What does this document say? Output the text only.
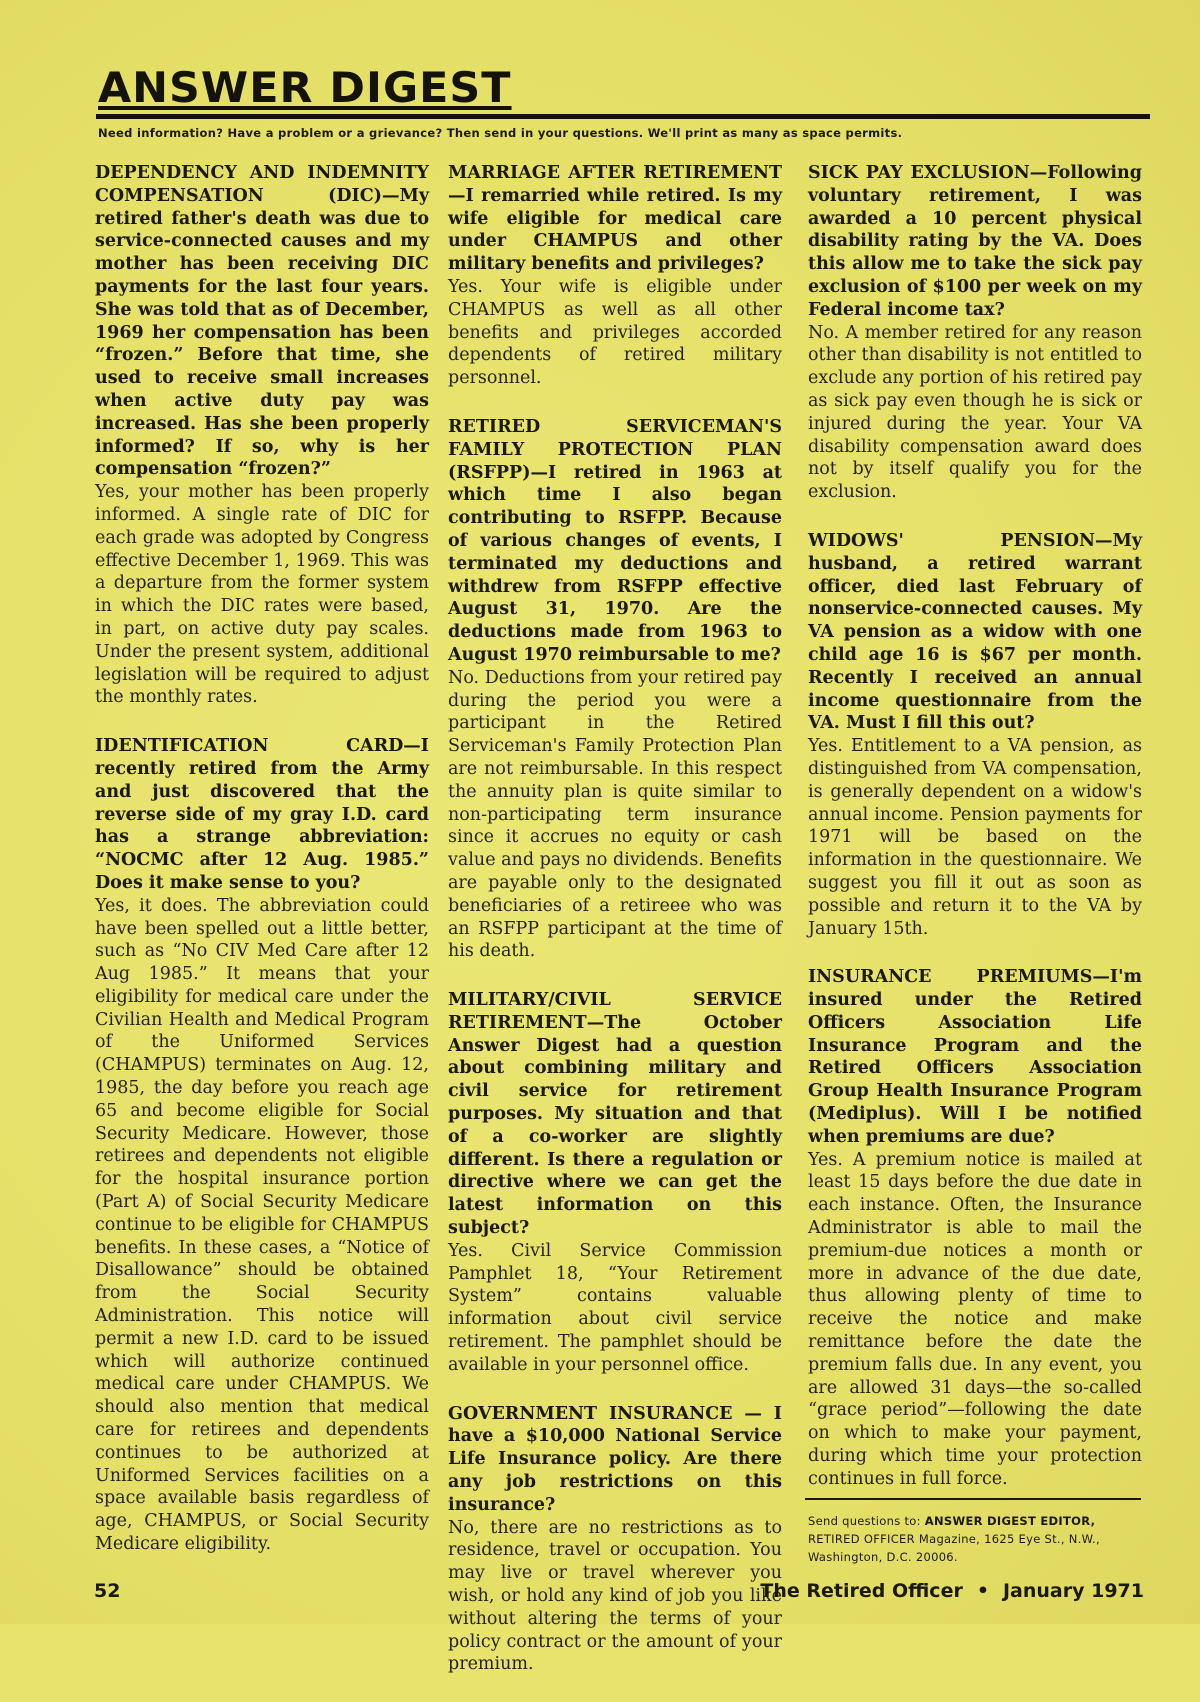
ANSWER DIGEST
Need information? Have a problem or a grievance? Then send in your questions. We'll print as many as space permits.

DEPENDENCY AND INDEMNITY COMPENSATION (DIC)—My retired father's death was due to service-connected causes and my mother has been receiving DIC payments for the last four years. She was told that as of December, 1969 her compensation has been “frozen.” Before that time, she used to receive small increases when active duty pay was increased. Has she been properly informed? If so, why is her compensation “frozen?”

Yes, your mother has been properly informed. A single rate of DIC for each grade was adopted by Congress effective December 1, 1969. This was a departure from the former system in which the DIC rates were based, in part, on active duty pay scales. Under the present system, additional legislation will be required to adjust the monthly rates.

IDENTIFICATION CARD—I recently retired from the Army and just discovered that the reverse side of my gray I.D. card has a strange abbreviation: “NOCMC after 12 Aug. 1985.” Does it make sense to you?

Yes, it does. The abbreviation could have been spelled out a little better, such as “No CIV Med Care after 12 Aug 1985.” It means that your eligibility for medical care under the Civilian Health and Medical Program of the Uniformed Services (CHAMPUS) terminates on Aug. 12, 1985, the day before you reach age 65 and become eligible for Social Security Medicare. However, those retirees and dependents not eligible for the hospital insurance portion (Part A) of Social Security Medicare continue to be eligible for CHAMPUS benefits. In these cases, a “Notice of Disallowance” should be obtained from the Social Security Administration. This notice will permit a new I.D. card to be issued which will authorize continued medical care under CHAMPUS. We should also mention that medical care for retirees and dependents continues to be authorized at Uniformed Services facilities on a space available basis regardless of age, CHAMPUS, or Social Security Medicare eligibility.

MARRIAGE AFTER RETIREMENT—I remarried while retired. Is my wife eligible for medical care under CHAMPUS and other military benefits and privileges?

Yes. Your wife is eligible under CHAMPUS as well as all other benefits and privileges accorded dependents of retired military personnel.

RETIRED SERVICEMAN'S FAMILY PROTECTION PLAN (RSFPP)—I retired in 1963 at which time I also began contributing to RSFPP. Because of various changes of events, I terminated my deductions and withdrew from RSFPP effective August 31, 1970. Are the deductions made from 1963 to August 1970 reimbursable to me?

No. Deductions from your retired pay during the period you were a participant in the Retired Serviceman's Family Protection Plan are not reimbursable. In this respect the annuity plan is quite similar to non-participating term insurance since it accrues no equity or cash value and pays no dividends. Benefits are payable only to the designated beneficiaries of a retireee who was an RSFPP participant at the time of his death.

MILITARY/CIVIL SERVICE RETIREMENT—The October Answer Digest had a question about combining military and civil service for retirement purposes. My situation and that of a co-worker are slightly different. Is there a regulation or directive where we can get the latest information on this subject?

Yes. Civil Service Commission Pamphlet 18, “Your Retirement System” contains valuable information about civil service retirement. The pamphlet should be available in your personnel office.

GOVERNMENT INSURANCE — I have a $10,000 National Service Life Insurance policy. Are there any job restrictions on this insurance?

No, there are no restrictions as to residence, travel or occupation. You may live or travel wherever you wish, or hold any kind of job you like without altering the terms of your policy contract or the amount of your premium.

SICK PAY EXCLUSION—Following voluntary retirement, I was awarded a 10 percent physical disability rating by the VA. Does this allow me to take the sick pay exclusion of $100 per week on my Federal income tax?

No. A member retired for any reason other than disability is not entitled to exclude any portion of his retired pay as sick pay even though he is sick or injured during the year. Your VA disability compensation award does not by itself qualify you for the exclusion.

WIDOWS' PENSION—My husband, a retired warrant officer, died last February of nonservice-connected causes. My VA pension as a widow with one child age 16 is $67 per month. Recently I received an annual income questionnaire from the VA. Must I fill this out?

Yes. Entitlement to a VA pension, as distinguished from VA compensation, is generally dependent on a widow's annual income. Pension payments for 1971 will be based on the information in the questionnaire. We suggest you fill it out as soon as possible and return it to the VA by January 15th.

INSURANCE PREMIUMS—I'm insured under the Retired Officers Association Life Insurance Program and the Retired Officers Association Group Health Insurance Program (Mediplus). Will I be notified when premiums are due?

Yes. A premium notice is mailed at least 15 days before the due date in each instance. Often, the Insurance Administrator is able to mail the premium-due notices a month or more in advance of the due date, thus allowing plenty of time to receive the notice and make remittance before the date the premium falls due. In any event, you are allowed 31 days—the so-called “grace period”—following the date on which to make your payment, during which time your protection continues in full force.

Send questions to: ANSWER DIGEST EDITOR, RETIRED OFFICER Magazine, 1625 Eye St., N.W., Washington, D.C. 20006.
52	The Retired Officer • January 1971
